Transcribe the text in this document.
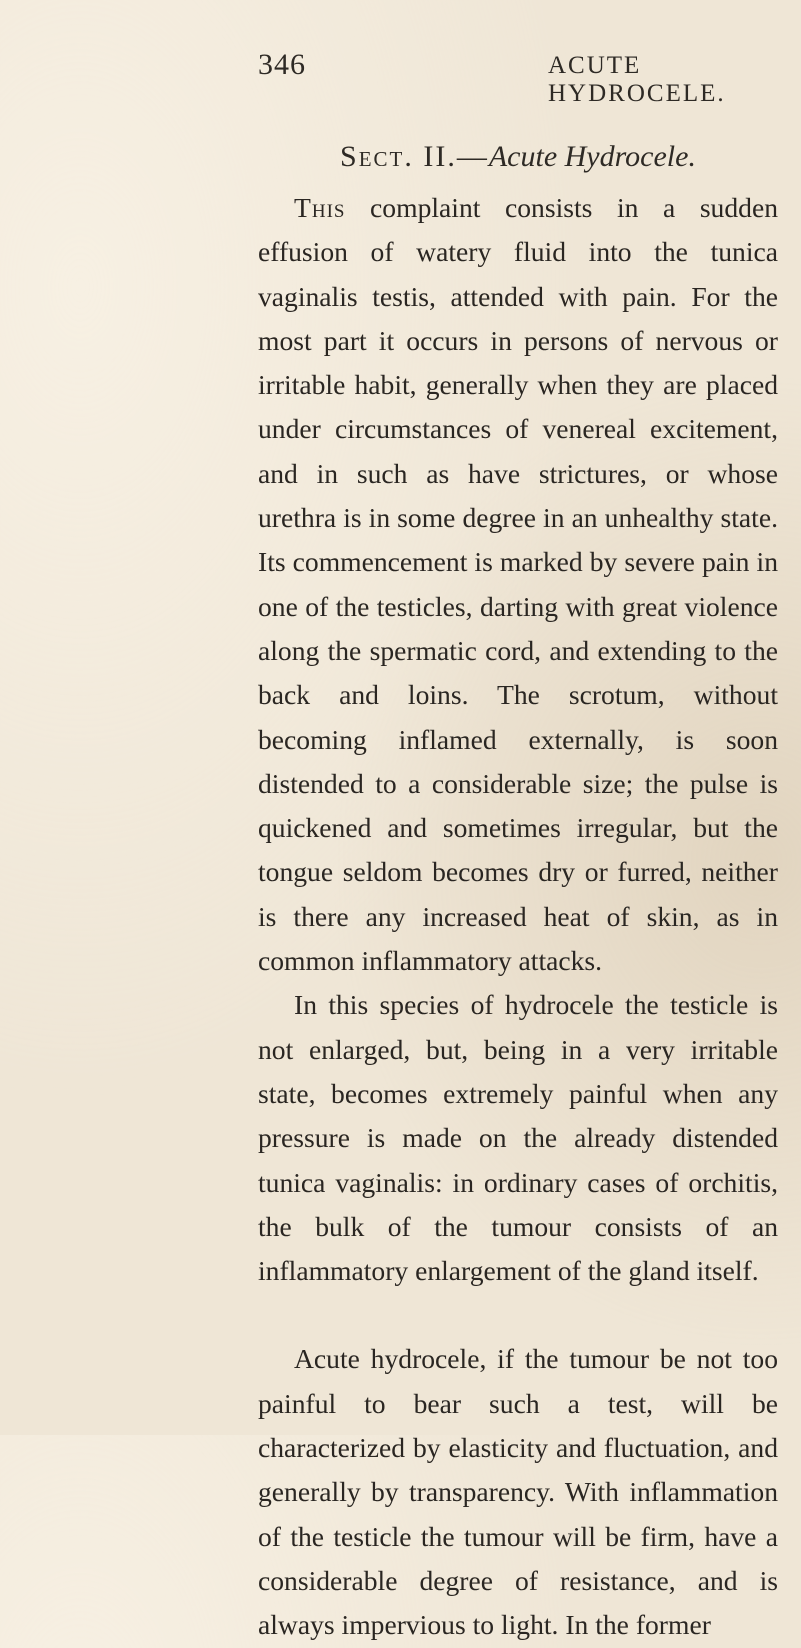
346	ACUTE HYDROCELE.
Sect. II.—Acute Hydrocele.

This complaint consists in a sudden effusion of watery fluid into the tunica vaginalis testis, attended with pain. For the most part it occurs in persons of nervous or irritable habit, generally when they are placed under circumstances of venereal excitement, and in such as have strictures, or whose urethra is in some degree in an unhealthy state. Its commencement is marked by severe pain in one of the testicles, darting with great violence along the spermatic cord, and extending to the back and loins. The scrotum, without becoming inflamed externally, is soon distended to a considerable size; the pulse is quickened and sometimes irregular, but the tongue seldom becomes dry or furred, neither is there any increased heat of skin, as in common inflammatory attacks.

In this species of hydrocele the testicle is not enlarged, but, being in a very irritable state, becomes extremely painful when any pressure is made on the already distended tunica vaginalis: in ordinary cases of orchitis, the bulk of the tumour consists of an inflammatory enlargement of the gland itself.

Acute hydrocele, if the tumour be not too painful to bear such a test, will be characterized by elasticity and fluctuation, and generally by transparency. With inflammation of the testicle the tumour will be firm, have a considerable degree of resistance, and is always impervious to light. In the former
